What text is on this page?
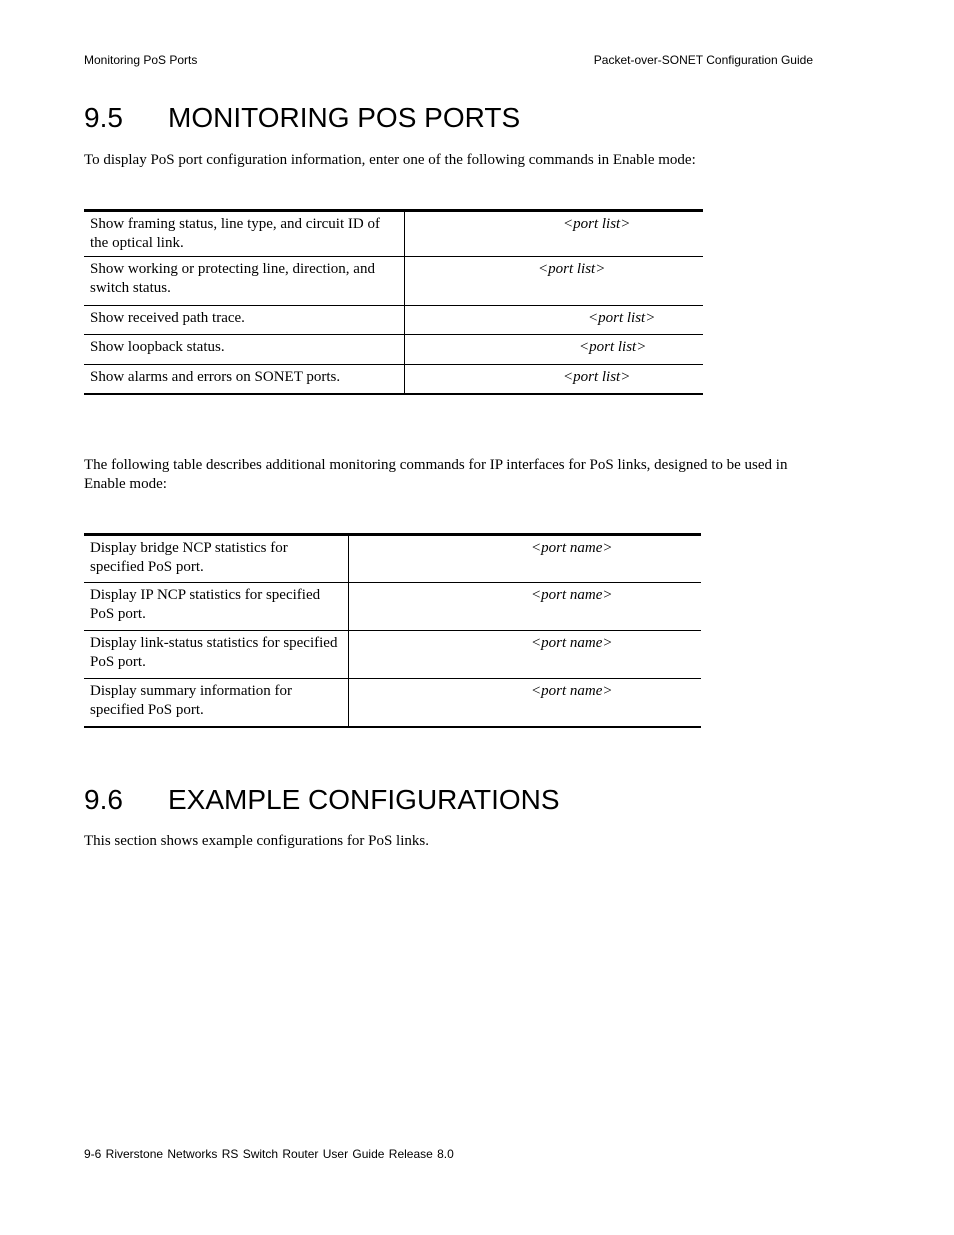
Monitoring PoS Ports	Packet-over-SONET Configuration Guide
9.5 MONITORING POS PORTS

To display PoS port configuration information, enter one of the following commands in Enable mode:

Show framing status, line type, and circuit ID of the optical link.	<port list>

Show working or protecting line, direction, and switch status.	<port list>

Show received path trace.	<port list>

Show loopback status.	<port list>

Show alarms and errors on SONET ports.	<port list>

The following table describes additional monitoring commands for IP interfaces for PoS links, designed to be used in Enable mode:

Display bridge NCP statistics for specified PoS port.	<port name>

Display IP NCP statistics for specified PoS port.	<port name>

Display link-status statistics for specified PoS port.	<port name>

Display summary information for specified PoS port.	<port name>
9.6 EXAMPLE CONFIGURATIONS

This section shows example configurations for PoS links.

9-6 Riverstone Networks RS Switch Router User Guide Release 8.0
